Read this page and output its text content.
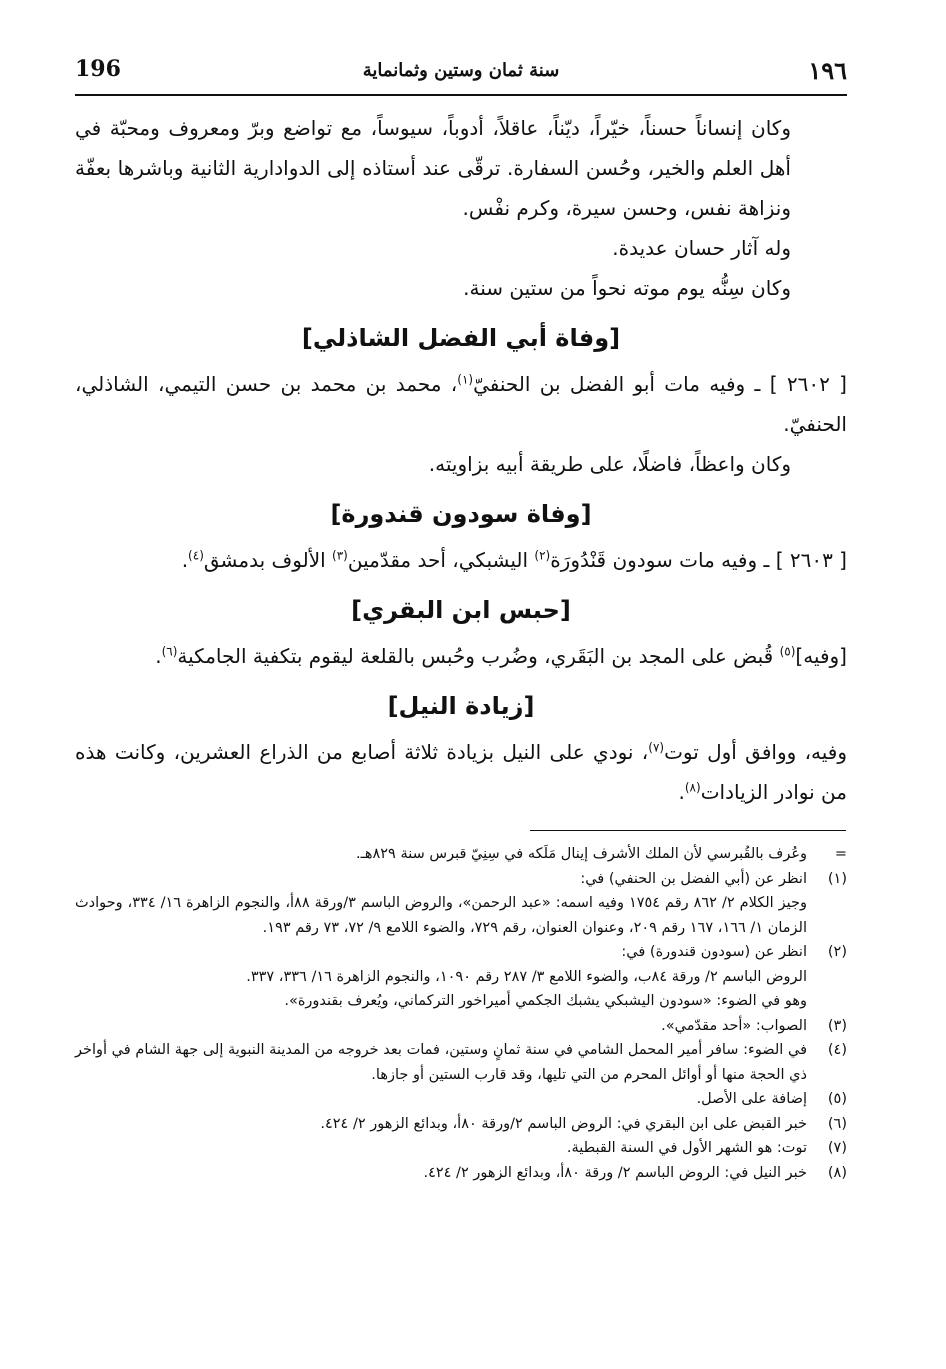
196	سنة ثمان وستين وثمانماية	١٩٦

وكان إنساناً حسناً، خيّراً، ديّناً، عاقلاً، أدوباً، سيوساً، مع تواضع وبرّ ومعروف ومحبّة في أهل العلم والخير، وحُسن السفارة. ترقّى عند أستاذه إلى الدوادارية الثانية وباشرها بعفّة ونزاهة نفس، وحسن سيرة، وكرم نفْس.

وله آثار حسان عديدة.

وكان سِنُّه يوم موته نحواً من ستين سنة.

[وفاة أبي الفضل الشاذلي]

[ ٢٦٠٢ ] ـ وفيه مات أبو الفضل بن الحنفيّ$^{(١)}$، محمد بن محمد بن حسن التيمي، الشاذلي، الحنفيّ.

وكان واعظاً، فاضلًا، على طريقة أبيه بزاويته.

[وفاة سودون قندورة]

[ ٢٦٠٣ ] ـ وفيه مات سودون قَنْدُورَة$^{(٢)}$ اليشبكي، أحد مقدّمين$^{(٣)}$ الألوف بدمشق$^{(٤)}$.

[حبس ابن البقري]

[وفيه]$^{(٥)}$ قُبض على المجد بن البَقَري، وضُرب وحُبس بالقلعة ليقوم بتكفية الجامكية$^{(٦)}$.

[زيادة النيل]

وفيه، ووافق أول توت$^{(٧)}$، نودي على النيل بزيادة ثلاثة أصابع من الذراع العشرين، وكانت هذه من نوادر الزيادات$^{(٨)}$.

=
وعُرف بالقُبرسي لأن الملك الأشرف إينال مَلَكه في سِنِيّ قبرس سنة ٨٢٩هـ.
(١)
انظر عن (أبي الفضل بن الحنفي) في:
وجيز الكلام ٢/ ٨٦٢ رقم ١٧٥٤ وفيه اسمه: «عبد الرحمن»، والروض الباسم ٣/ورقة ٨٨أ، والنجوم الزاهرة ١٦/ ٣٣٤، وحوادث الزمان ١/ ١٦٦، ١٦٧ رقم ٢٠٩، وعنوان العنوان، رقم ٧٢٩، والضوء اللامع ٩/ ٧٢، ٧٣ رقم ١٩٣.
(٢)
انظر عن (سودون قندورة) في:
الروض الباسم ٢/ ورقة ٨٤ب، والضوء اللامع ٣/ ٢٨٧ رقم ١٠٩٠، والنجوم الزاهرة ١٦/ ٣٣٦، ٣٣٧.
وهو في الضوء: «سودون اليشبكي يشبك الجكمي أميراخور التركماني، ويُعرف بقندورة».
(٣)
الصواب: «أحد مقدّمي».
(٤)
في الضوء: سافر أمير المحمل الشامي في سنة ثمانٍ وستين، فمات بعد خروجه من المدينة النبوية إلى جهة الشام في أواخر ذي الحجة منها أو أوائل المحرم من التي تليها، وقد قارب الستين أو جازها.
(٥)
إضافة على الأصل.
(٦)
خبر القبض على ابن البقري في: الروض الباسم ٢/ورقة ٨٠أ، وبدائع الزهور ٢/ ٤٢٤.
(٧)
توت: هو الشهر الأول في السنة القبطية.
(٨)
خبر النيل في: الروض الباسم ٢/ ورقة ٨٠أ، وبدائع الزهور ٢/ ٤٢٤.
